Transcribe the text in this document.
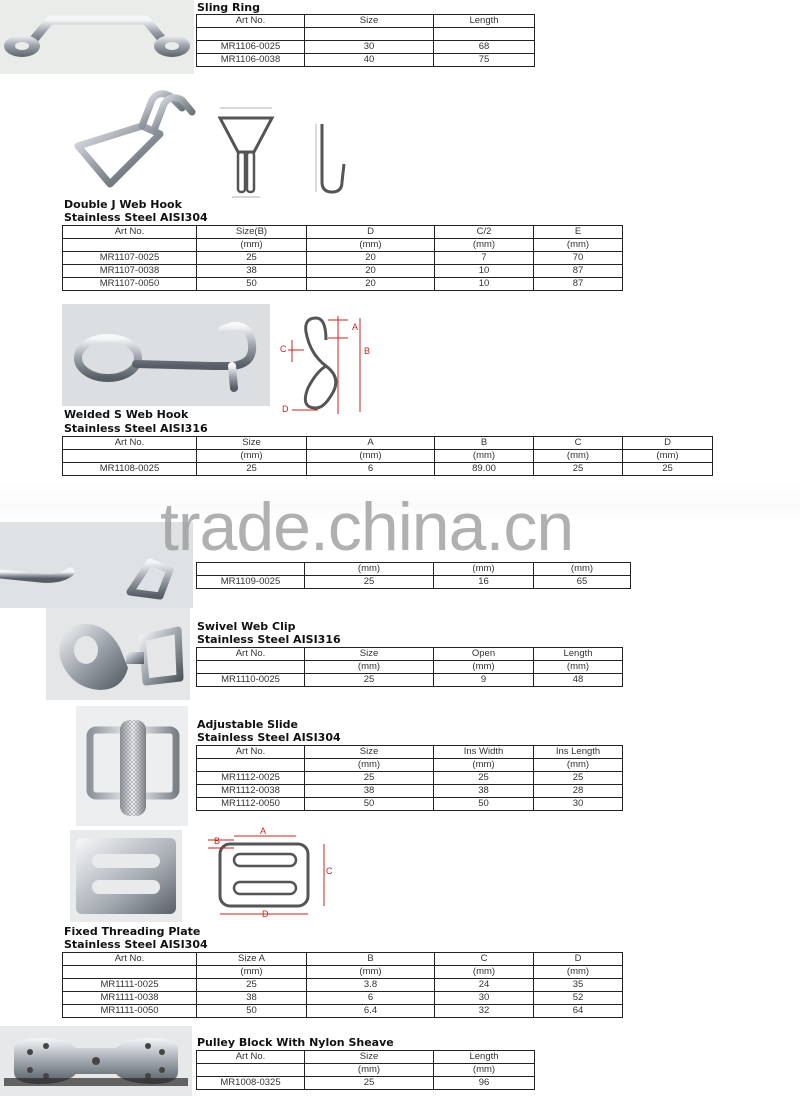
Sling Ring
Art No.	Size	Length

MR1106-0025	30	68
MR1106-0038	40	75
Double J Web Hook
Stainless Steel AISI304
Art No.	Size(B)	D	C/2	E
	(mm)	(mm)	(mm)	(mm)
MR1107-0025	25	20	7	70
MR1107-0038	38	20	10	87
MR1107-0050	50	20	10	87
A
B
C
D
Welded S Web Hook
Stainless Steel AISI316
Art No.	Size	A	B	C	D
	(mm)	(mm)	(mm)	(mm)	(mm)
MR1108-0025	25	6	89.00	25	25
	(mm)	(mm)	(mm)
MR1109-0025	25	16	65
trade.china.cn
Swivel Web Clip
Stainless Steel AISI316
Art No.	Size	Open	Length
	(mm)	(mm)	(mm)
MR1110-0025	25	9	48
Adjustable Slide
Stainless Steel AISI304
Art No.	Size	Ins Width	Ins Length
	(mm)	(mm)	(mm)
MR1112-0025	25	25	25
MR1112-0038	38	38	28
MR1112-0050	50	50	30
A
B
C
D
Fixed Threading Plate
Stainless Steel AISI304
Art No.	Size A	B	C	D
	(mm)	(mm)	(mm)	(mm)
MR1111-0025	25	3.8	24	35
MR1111-0038	38	6	30	52
MR1111-0050	50	6.4	32	64
Pulley Block With Nylon Sheave
Art No.	Size	Length
	(mm)	(mm)
MR1008-0325	25	96
